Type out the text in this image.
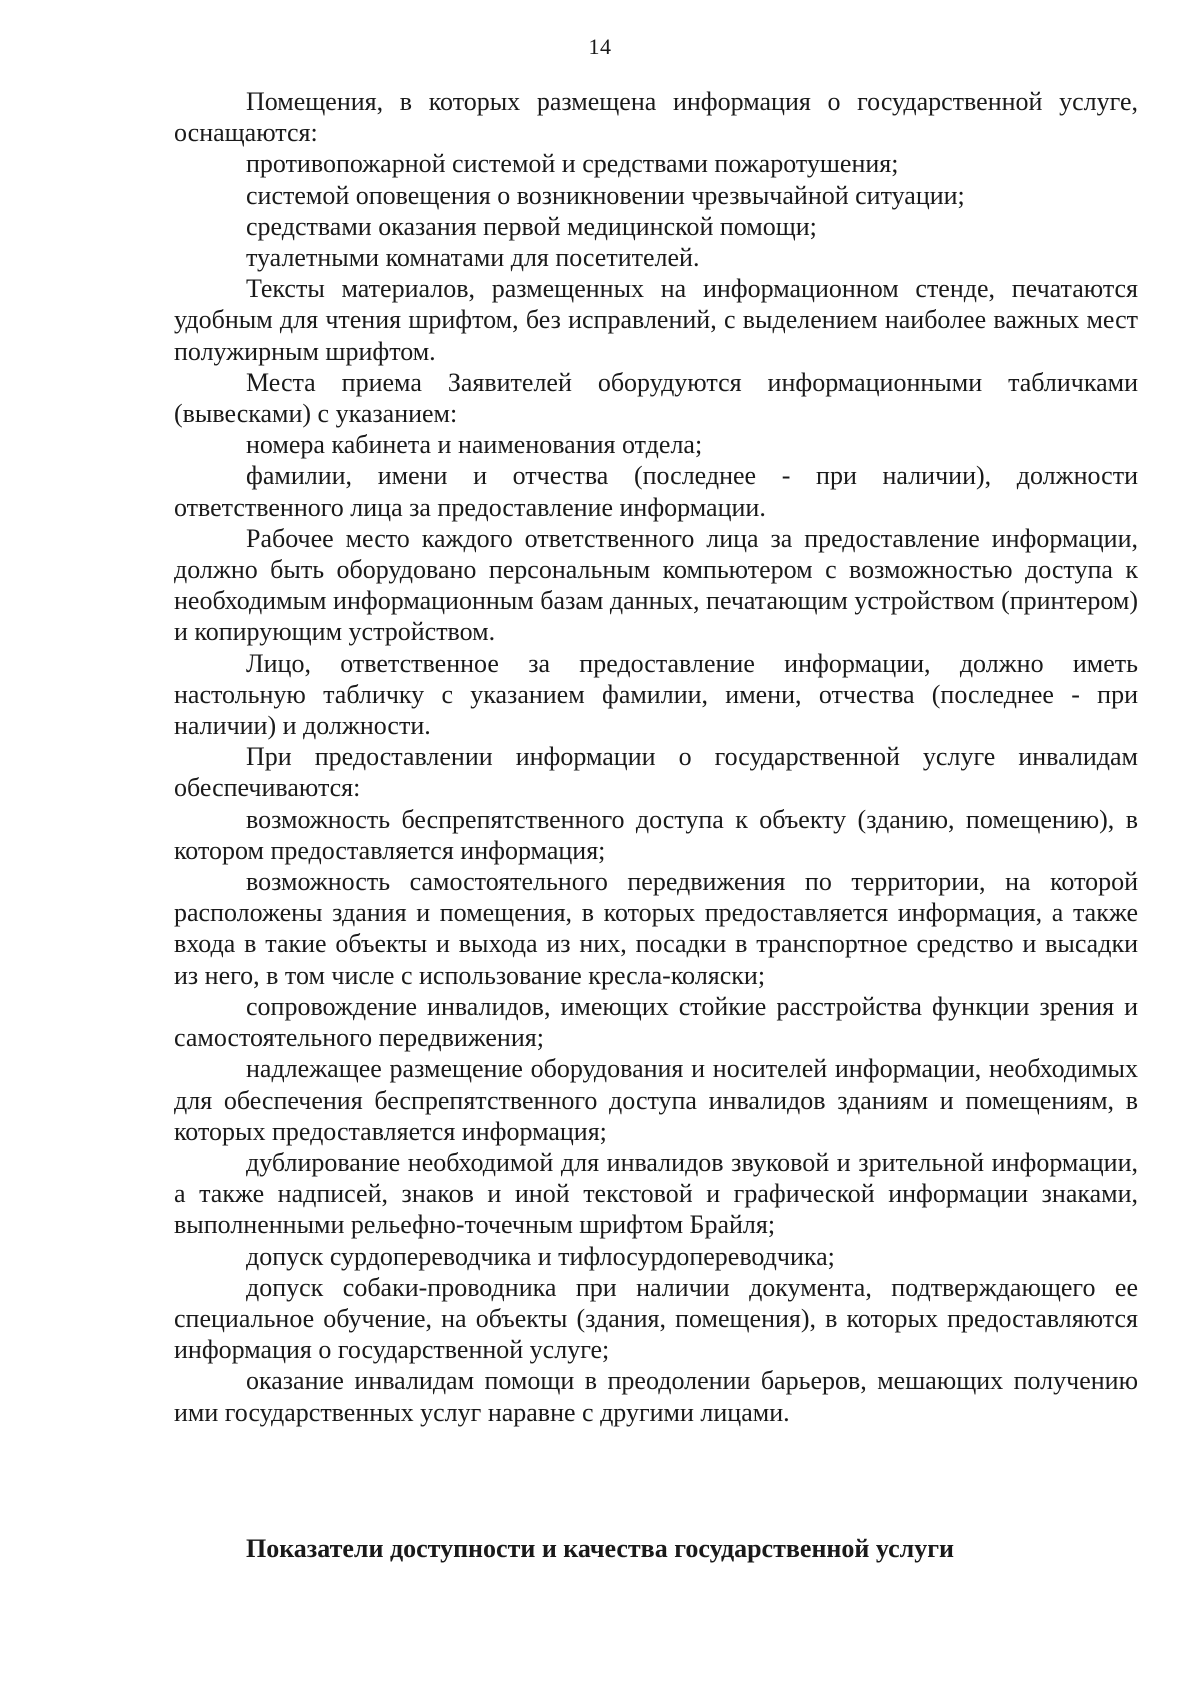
14

Помещения, в которых размещена информация о государственной услуге, оснащаются:

противопожарной системой и средствами пожаротушения;

системой оповещения о возникновении чрезвычайной ситуации;

средствами оказания первой медицинской помощи;

туалетными комнатами для посетителей.

Тексты материалов, размещенных на информационном стенде, печатаются удобным для чтения шрифтом, без исправлений, с выделением наиболее важных мест полужирным шрифтом.

Места приема Заявителей оборудуются информационными табличками (вывесками) с указанием:

номера кабинета и наименования отдела;

фамилии, имени и отчества (последнее - при наличии), должности ответственного лица за предоставление информации.

Рабочее место каждого ответственного лица за предоставление информации, должно быть оборудовано персональным компьютером с возможностью доступа к необходимым информационным базам данных, печатающим устройством (принтером) и копирующим устройством.

Лицо, ответственное за предоставление информации, должно иметь настольную табличку с указанием фамилии, имени, отчества (последнее - при наличии) и должности.

При предоставлении информации о государственной услуге инвалидам обеспечиваются:

возможность беспрепятственного доступа к объекту (зданию, помещению), в котором предоставляется информация;

возможность самостоятельного передвижения по территории, на которой расположены здания и помещения, в которых предоставляется информация, а также входа в такие объекты и выхода из них, посадки в транспортное средство и высадки из него, в том числе с использование кресла-коляски;

сопровождение инвалидов, имеющих стойкие расстройства функции зрения и самостоятельного передвижения;

надлежащее размещение оборудования и носителей информации, необходимых для обеспечения беспрепятственного доступа инвалидов зданиям и помещениям, в которых предоставляется информация;

дублирование необходимой для инвалидов звуковой и зрительной информации, а также надписей, знаков и иной текстовой и графической информации знаками, выполненными рельефно-точечным шрифтом Брайля;

допуск сурдопереводчика и тифлосурдопереводчика;

допуск собаки-проводника при наличии документа, подтверждающего ее специальное обучение, на объекты (здания, помещения), в которых предоставляются информация о государственной услуге;

оказание инвалидам помощи в преодолении барьеров, мешающих получению ими государственных услуг наравне с другими лицами.

Показатели доступности и качества государственной услуги
